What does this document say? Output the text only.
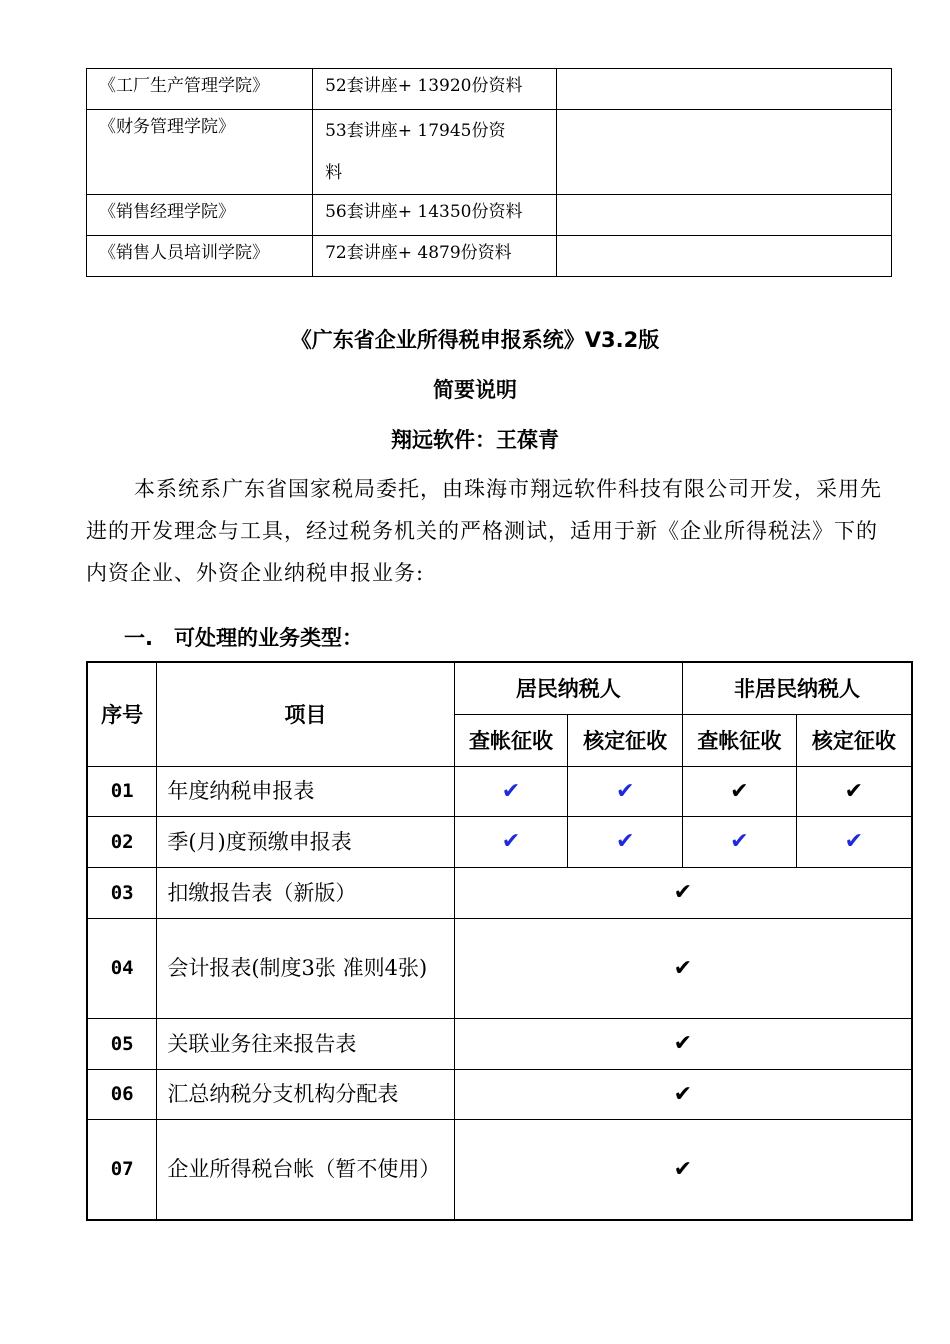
《工厂生产管理学院》	52套讲座+ 13920份资料	
《财务管理学院》	53套讲座+ 17945份资
料	
《销售经理学院》	56套讲座+ 14350份资料	
《销售人员培训学院》	72套讲座+ 4879份资料	
《广东省企业所得税申报系统》V3.2版
简要说明
翔远软件：王葆青
本系统系广东省国家税局委托，由珠海市翔远软件科技有限公司开发，采用先进的开发理念与工具，经过税务机关的严格测试，适用于新《企业所得税法》下的内资企业、外资企业纳税申报业务:
一.　可处理的业务类型：
序号	项目	居民纳税人		非居民纳税人	
		查帐征收	核定征收	查帐征收	核定征收
01	年度纳税申报表	✔	✔	✔	✔
02	季(月)度预缴申报表	✔	✔	✔	✔
03	扣缴报告表（新版）	✔			
04	会计报表(制度3张 准则4张)	✔			
05	关联业务往来报告表	✔			
06	汇总纳税分支机构分配表	✔			
07	企业所得税台帐（暂不使用）	✔			
